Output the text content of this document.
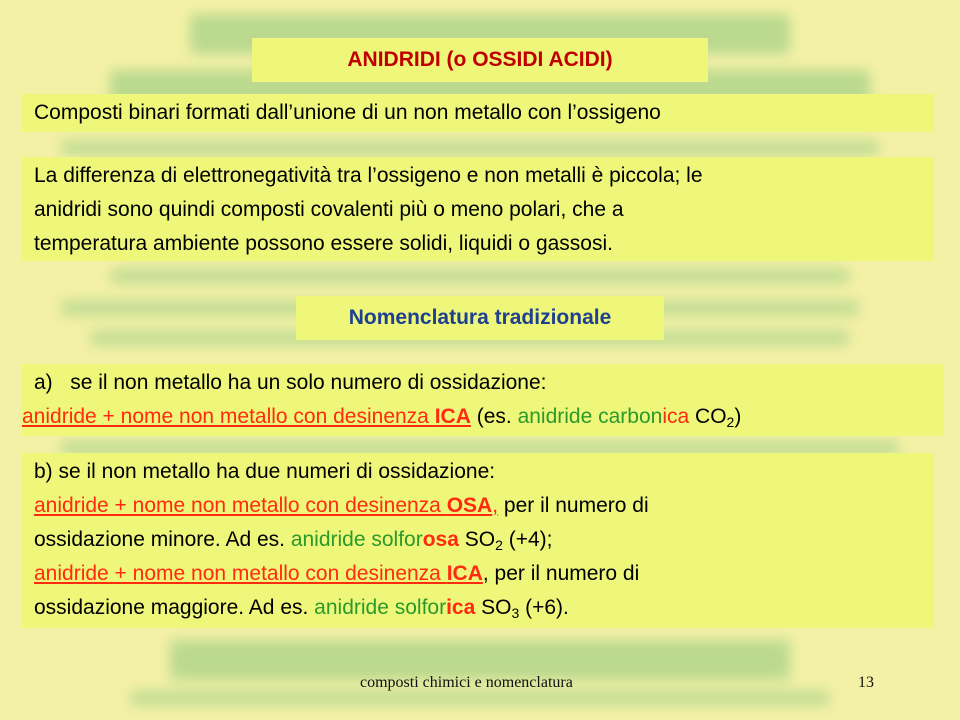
ANIDRIDI (o OSSIDI ACIDI)
Composti binari formati dall’unione di un non metallo con l’ossigeno
La differenza di elettronegatività tra l’ossigeno e non metalli è piccola; le
anidridi sono quindi composti covalenti più o meno polari, che a
temperatura ambiente possono essere solidi, liquidi o gassosi.
Nomenclatura tradizionale
a) se il non metallo ha un solo numero di ossidazione:
anidride + nome non metallo con desinenza ICA (es. anidride carbonica $CO_2$)
b) se il non metallo ha due numeri di ossidazione:
anidride + nome non metallo con desinenza OSA, per il numero di
ossidazione minore. Ad es. anidride solforosa $SO_2$ (+4);
anidride + nome non metallo con desinenza ICA, per il numero di
ossidazione maggiore. Ad es. anidride solforica $SO_3$ (+6).
composti chimici e nomenclatura	13
